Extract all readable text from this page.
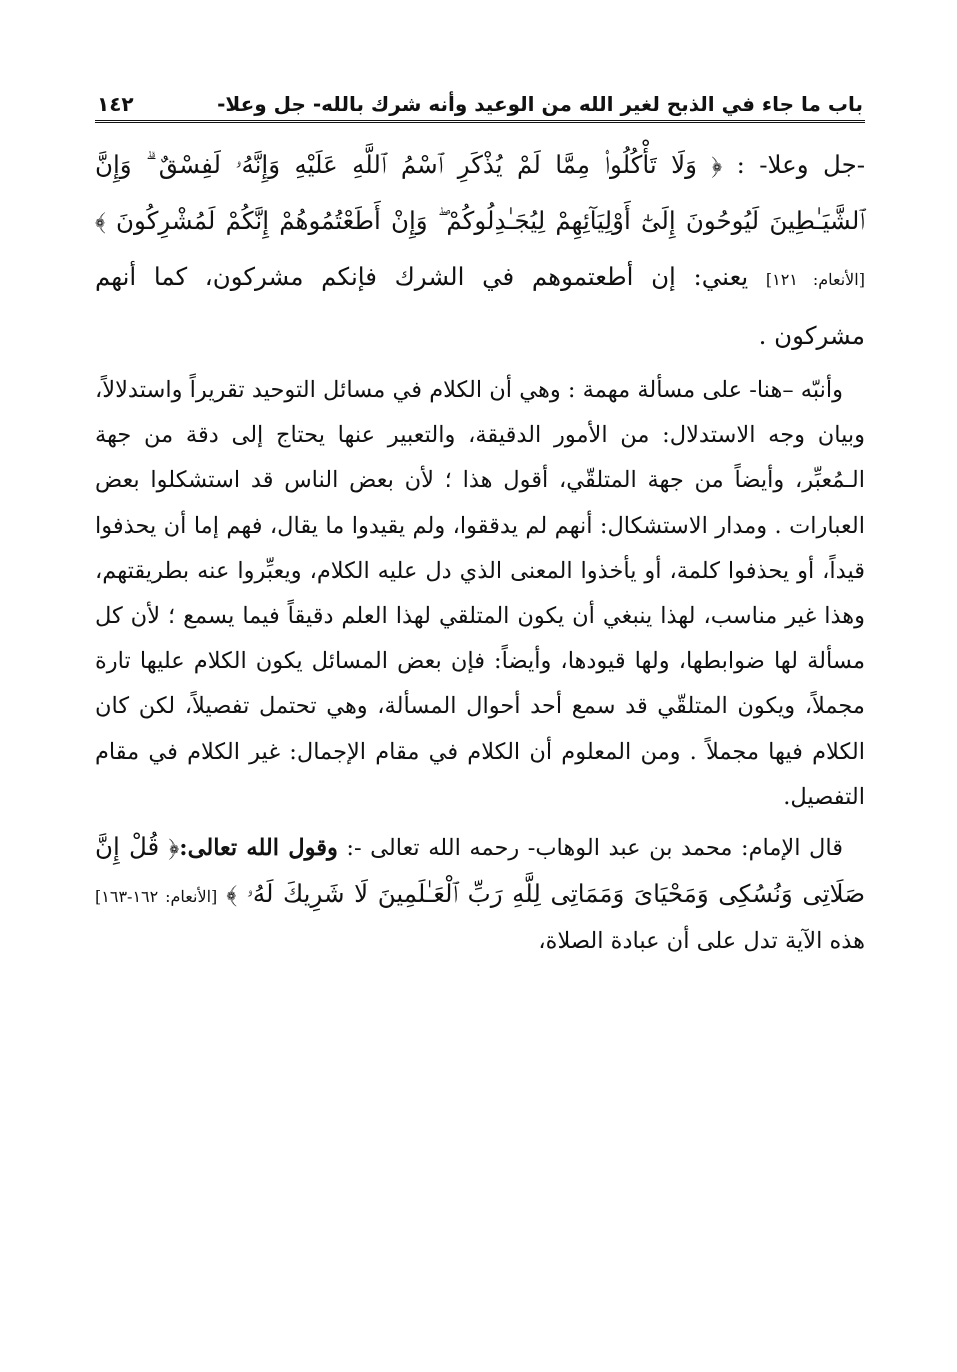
باب ما جاء في الذبح لغير الله من الوعيد وأنه شرك بالله- جل وعلا-
١٤٢

-جل وعلا- : ﴿ وَلَا تَأْكُلُوا۟ مِمَّا لَمْ يُذْكَرِ ٱسْمُ ٱللَّهِ عَلَيْهِ وَإِنَّهُۥ لَفِسْقٌ ۗ وَإِنَّ ٱلشَّيَـٰطِينَ لَيُوحُونَ إِلَىٰٓ أَوْلِيَآئِهِمْ لِيُجَـٰدِلُوكُمْ ۖ وَإِنْ أَطَعْتُمُوهُمْ إِنَّكُمْ لَمُشْرِكُونَ ﴾ [الأنعام: ١٢١] يعني: إن أطعتموهم في الشرك فإنكم مشركون، كما أنهم مشركون .

وأنبّه –هنا- على مسألة مهمة : وهي أن الكلام في مسائل التوحيد تقريراً واستدلالاً، وبيان وجه الاستدلال: من الأمور الدقيقة، والتعبير عنها يحتاج إلى دقة من جهة الـمُعبِّر، وأيضاً من جهة المتلقّي، أقول هذا ؛ لأن بعض الناس قد استشكلوا بعض العبارات . ومدار الاستشكال: أنهم لم يدققوا، ولم يقيدوا ما يقال، فهم إما أن يحذفوا قيداً، أو يحذفوا كلمة، أو يأخذوا المعنى الذي دل عليه الكلام، ويعبِّروا عنه بطريقتهم، وهذا غير مناسب، لهذا ينبغي أن يكون المتلقي لهذا العلم دقيقاً فيما يسمع ؛ لأن كل مسألة لها ضوابطها، ولها قيودها، وأيضاً: فإن بعض المسائل يكون الكلام عليها تارة مجملاً، ويكون المتلقّي قد سمع أحد أحوال المسألة، وهي تحتمل تفصيلاً، لكن كان الكلام فيها مجملاً . ومن المعلوم أن الكلام في مقام الإجمال: غير الكلام في مقام التفصيل.

قال الإمام: محمد بن عبد الوهاب- رحمه الله تعالى -: وقول الله تعالى:﴿ قُلْ إِنَّ صَلَاتِى وَنُسُكِى وَمَحْيَاىَ وَمَمَاتِى لِلَّهِ رَبِّ ٱلْعَـٰلَمِينَ لَا شَرِيكَ لَهُۥ ﴾ [الأنعام: ١٦٢-١٦٣] هذه الآية تدل على أن عبادة الصلاة،
